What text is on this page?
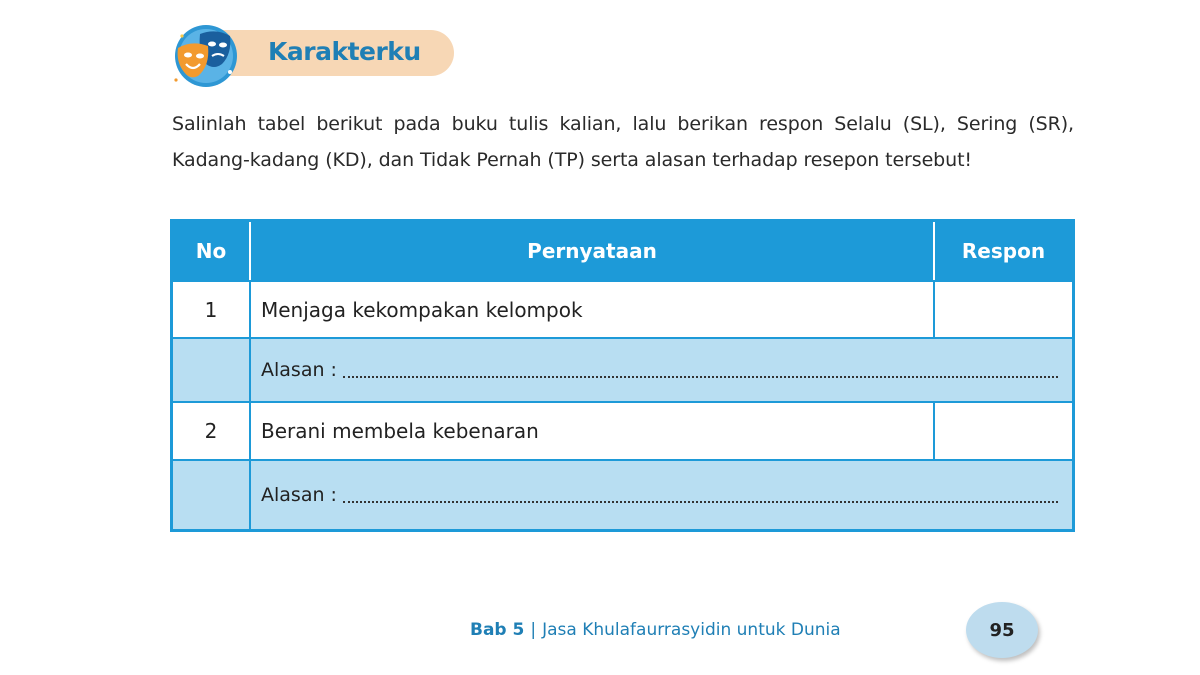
Karakterku
Salinlah tabel berikut pada buku tulis kalian, lalu berikan respon Selalu (SL), Sering (SR), Kadang-kadang (KD), dan Tidak Pernah (TP) serta alasan terhadap resepon tersebut!
No	Pernyataan	Respon
1	Menjaga kekompakan kelompok
Alasan :
2	Berani membela kebenaran
Alasan :
Bab 5 | Jasa Khulafaurrasyidin untuk Dunia	95
